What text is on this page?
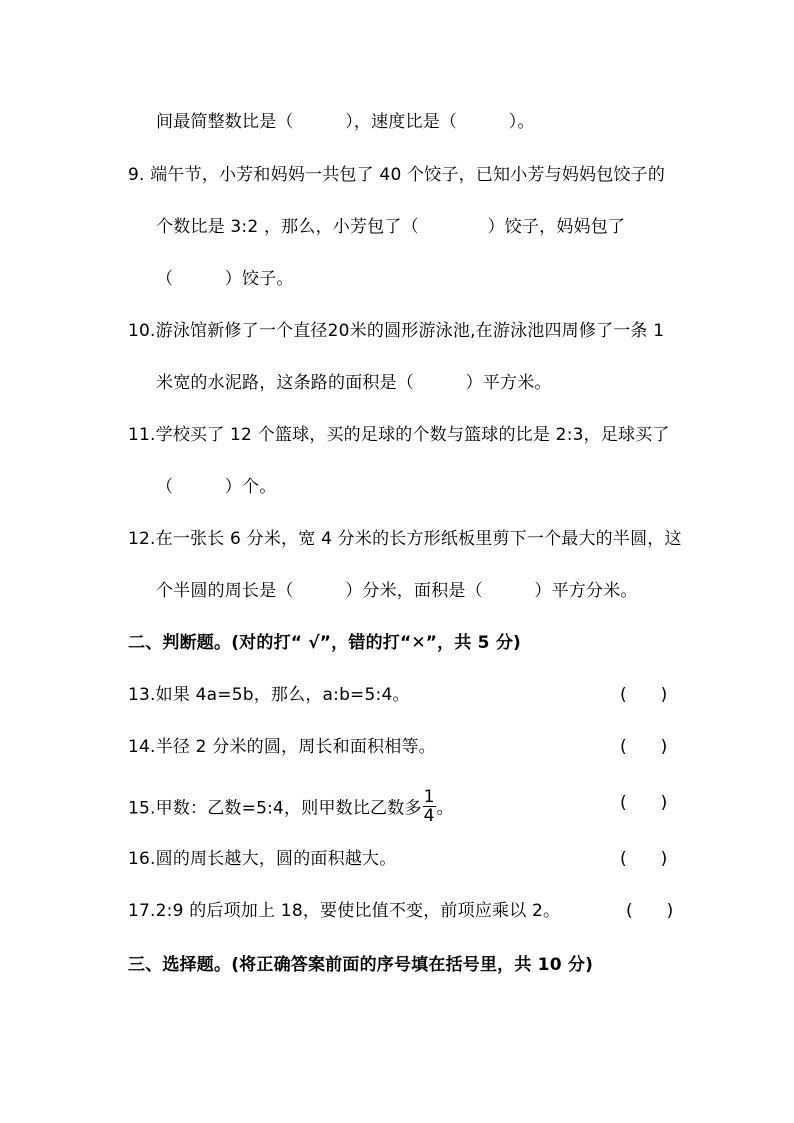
间最简整数比是（　　　），速度比是（　　　）。
9. 端午节，小芳和妈妈一共包了 40 个饺子，已知小芳与妈妈包饺子的
个数比是 3:2 ，那么，小芳包了（　　　　）饺子，妈妈包了
（　　　）饺子。
10.游泳馆新修了一个直径20米的圆形游泳池,在游泳池四周修了一条 1
米宽的水泥路，这条路的面积是（　　　）平方米。
11.学校买了 12 个篮球，买的足球的个数与篮球的比是 2:3，足球买了
（　　　）个。
12.在一张长 6 分米，宽 4 分米的长方形纸板里剪下一个最大的半圆，这
个半圆的周长是（　　　）分米，面积是（　　　）平方分米。
二、判断题。(对的打“ √”，错的打“✕”，共 5 分)
13.如果 4a=5b，那么，a:b=5:4。	(　　)
14.半径 2 分米的圆，周长和面积相等。	(　　)
15.甲数：乙数=5:4，则甲数比乙数多 $\frac{1}{4}$ 。	(　　)
16.圆的周长越大，圆的面积越大。	(　　)
17.2:9 的后项加上 18，要使比值不变，前项应乘以 2。	(　　)
三、选择题。(将正确答案前面的序号填在括号里，共 10 分)
